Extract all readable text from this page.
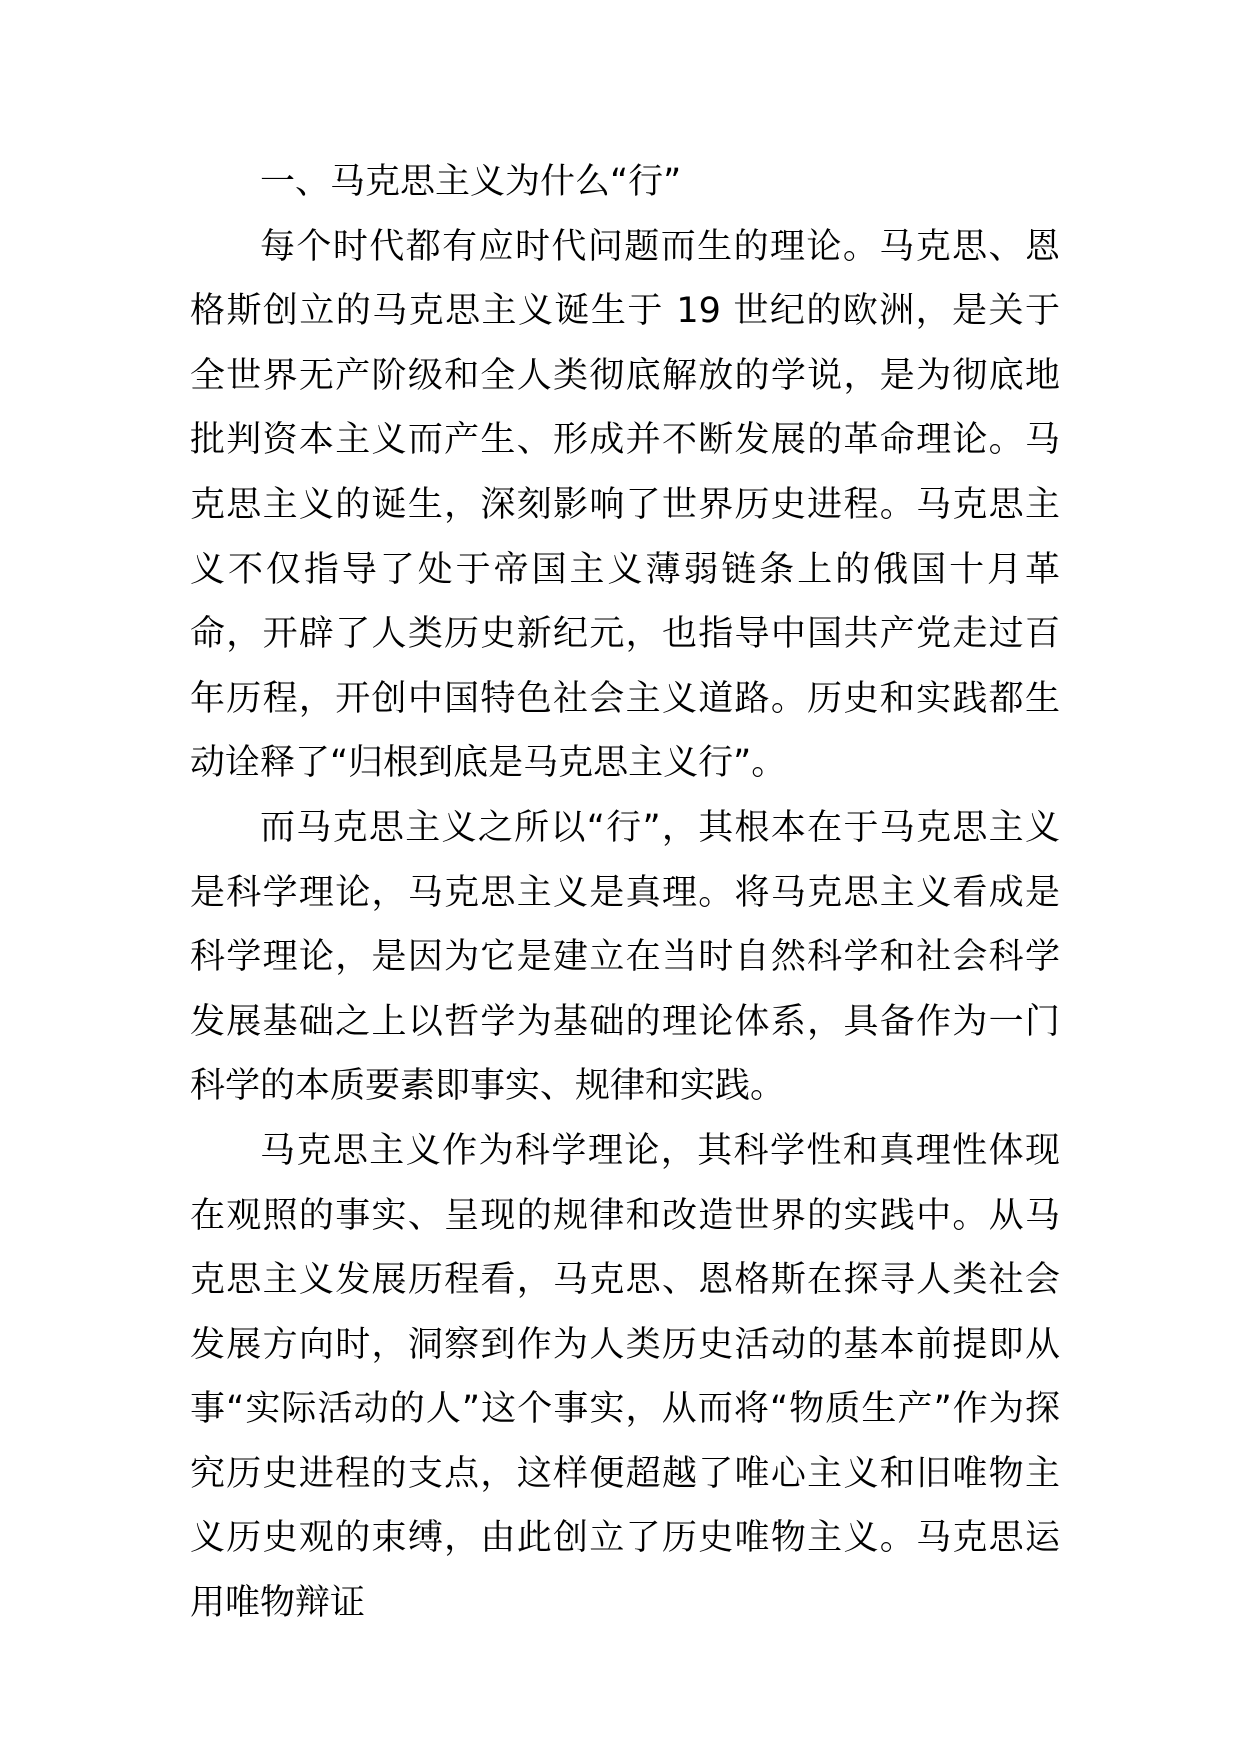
一、马克思主义为什么“行”

每个时代都有应时代问题而生的理论。马克思、恩格斯创立的马克思主义诞生于 19 世纪的欧洲，是关于全世界无产阶级和全人类彻底解放的学说，是为彻底地批判资本主义而产生、形成并不断发展的革命理论。马克思主义的诞生，深刻影响了世界历史进程。马克思主义不仅指导了处于帝国主义薄弱链条上的俄国十月革命，开辟了人类历史新纪元，也指导中国共产党走过百年历程，开创中国特色社会主义道路。历史和实践都生动诠释了“归根到底是马克思主义行”。

而马克思主义之所以“行”，其根本在于马克思主义是科学理论，马克思主义是真理。将马克思主义看成是科学理论，是因为它是建立在当时自然科学和社会科学发展基础之上以哲学为基础的理论体系，具备作为一门科学的本质要素即事实、规律和实践。

马克思主义作为科学理论，其科学性和真理性体现在观照的事实、呈现的规律和改造世界的实践中。从马克思主义发展历程看，马克思、恩格斯在探寻人类社会发展方向时，洞察到作为人类历史活动的基本前提即从事“实际活动的人”这个事实，从而将“物质生产”作为探究历史进程的支点，这样便超越了唯心主义和旧唯物主义历史观的束缚，由此创立了历史唯物主义。马克思运用唯物辩证
